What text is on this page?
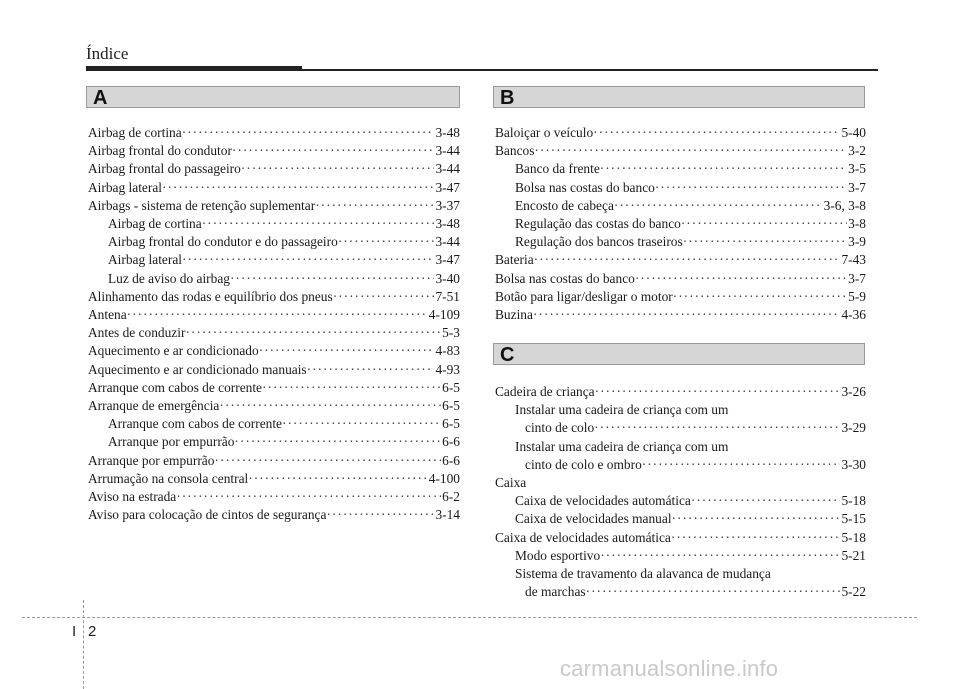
Índice
A
Airbag de cortina ·····	3-48
Airbag frontal do condutor ·····	3-44
Airbag frontal do passageiro ·····	3-44
Airbag lateral ·····	3-47
Airbags - sistema de retenção suplementar ·····	3-37
Airbag de cortina ·····	3-48
Airbag frontal do condutor e do passageiro ·····	3-44
Airbag lateral ·····	3-47
Luz de aviso do airbag ·····	3-40
Alinhamento das rodas e equilíbrio dos pneus ·····	7-51
Antena ·····	4-109
Antes de conduzir ·····	5-3
Aquecimento e ar condicionado ·····	4-83
Aquecimento e ar condicionado manuais ·····	4-93
Arranque com cabos de corrente ·····	6-5
Arranque de emergência ·····	6-5
Arranque com cabos de corrente ·····	6-5
Arranque por empurrão ·····	6-6
Arranque por empurrão ·····	6-6
Arrumação na consola central ·····	4-100
Aviso na estrada ·····	6-2
Aviso para colocação de cintos de segurança ·····	3-14
B
Baloiçar o veículo ·····	5-40
Bancos ·····	3-2
Banco da frente ·····	3-5
Bolsa nas costas do banco ·····	3-7
Encosto de cabeça ·····	3-6, 3-8
Regulação das costas do banco ·····	3-8
Regulação dos bancos traseiros ·····	3-9
Bateria ·····	7-43
Bolsa nas costas do banco ·····	3-7
Botão para ligar/desligar o motor ·····	5-9
Buzina ·····	4-36
C
Cadeira de criança ·····	3-26
Instalar uma cadeira de criança com um
cinto de colo ·····	3-29
Instalar uma cadeira de criança com um
cinto de colo e ombro ·····	3-30
Caixa
Caixa de velocidades automática ·····	5-18
Caixa de velocidades manual ·····	5-15
Caixa de velocidades automática ·····	5-18
Modo esportivo ·····	5-21
Sistema de travamento da alavanca de mudança
de marchas ·····	5-22
I 2
carmanualsonline.info
